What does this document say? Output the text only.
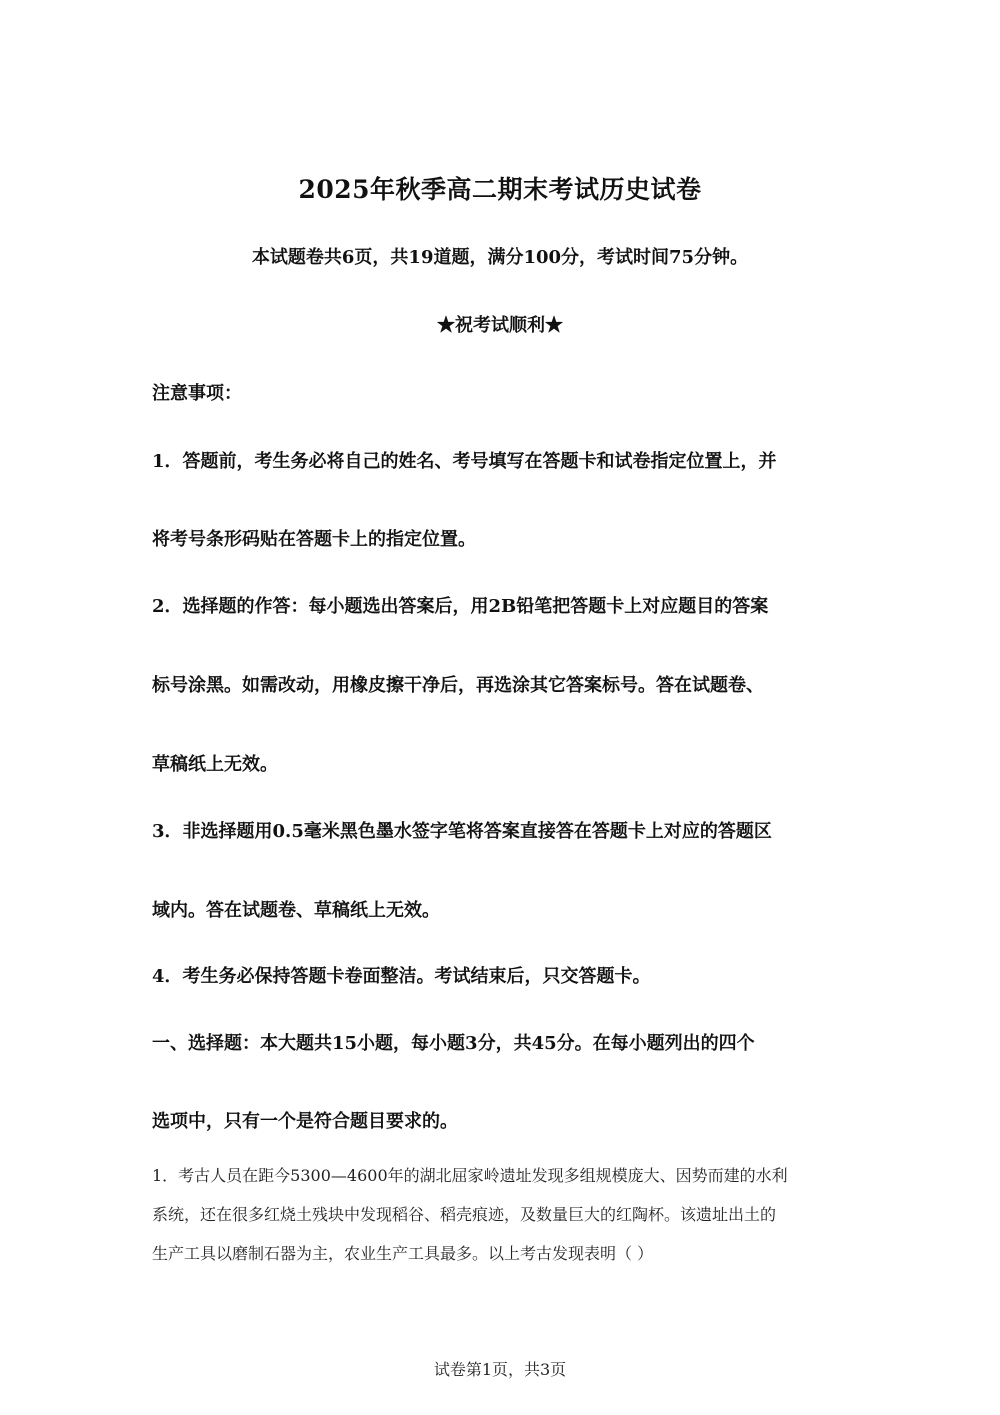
2025年秋季高二期末考试历史试卷
本试题卷共6页，共19道题，满分100分，考试时间75分钟。
★祝考试顺利★
注意事项：
1．答题前，考生务必将自己的姓名、考号填写在答题卡和试卷指定位置上，并
将考号条形码贴在答题卡上的指定位置。
2．选择题的作答：每小题选出答案后，用2B铅笔把答题卡上对应题目的答案
标号涂黑。如需改动，用橡皮擦干净后，再选涂其它答案标号。答在试题卷、
草稿纸上无效。
3．非选择题用0.5毫米黑色墨水签字笔将答案直接答在答题卡上对应的答题区
域内。答在试题卷、草稿纸上无效。
4．考生务必保持答题卡卷面整洁。考试结束后，只交答题卡。
一、选择题：本大题共15小题，每小题3分，共45分。在每小题列出的四个
选项中，只有一个是符合题目要求的。
1．考古人员在距今5300—4600年的湖北屈家岭遗址发现多组规模庞大、因势而建的水利
系统，还在很多红烧土残块中发现稻谷、稻壳痕迹，及数量巨大的红陶杯。该遗址出土的
生产工具以磨制石器为主，农业生产工具最多。以上考古发现表明（ ）
试卷第1页，共3页
